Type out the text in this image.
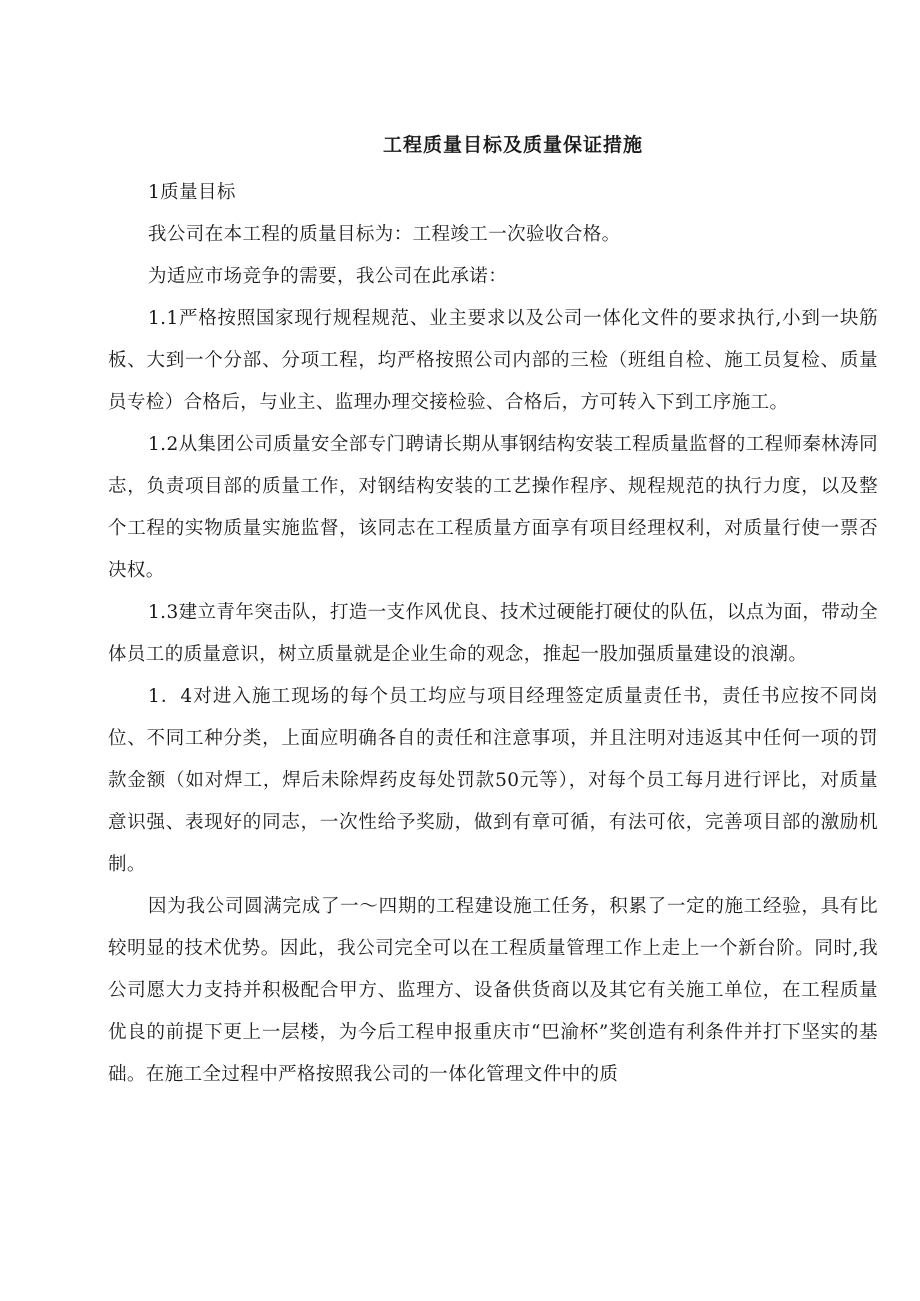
工程质量目标及质量保证措施

1质量目标

我公司在本工程的质量目标为：工程竣工一次验收合格。

为适应市场竞争的需要，我公司在此承诺：

1.1严格按照国家现行规程规范、业主要求以及公司一体化文件的要求执行,小到一块筋板、大到一个分部、分项工程，均严格按照公司内部的三检（班组自检、施工员复检、质量员专检）合格后，与业主、监理办理交接检验、合格后，方可转入下到工序施工。

1.2从集团公司质量安全部专门聘请长期从事钢结构安装工程质量监督的工程师秦林涛同志，负责项目部的质量工作，对钢结构安装的工艺操作程序、规程规范的执行力度，以及整个工程的实物质量实施监督，该同志在工程质量方面享有项目经理权利，对质量行使一票否决权。

1.3建立青年突击队，打造一支作风优良、技术过硬能打硬仗的队伍，以点为面，带动全体员工的质量意识，树立质量就是企业生命的观念，推起一股加强质量建设的浪潮。

1．4对进入施工现场的每个员工均应与项目经理签定质量责任书，责任书应按不同岗位、不同工种分类，上面应明确各自的责任和注意事项，并且注明对违返其中任何一项的罚款金额（如对焊工，焊后未除焊药皮每处罚款50元等），对每个员工每月进行评比，对质量意识强、表现好的同志，一次性给予奖励，做到有章可循，有法可依，完善项目部的激励机制。

因为我公司圆满完成了一～四期的工程建设施工任务，积累了一定的施工经验，具有比较明显的技术优势。因此，我公司完全可以在工程质量管理工作上走上一个新台阶。同时,我公司愿大力支持并积极配合甲方、监理方、设备供货商以及其它有关施工单位，在工程质量优良的前提下更上一层楼，为今后工程申报重庆市“巴渝杯”奖创造有利条件并打下坚实的基础。在施工全过程中严格按照我公司的一体化管理文件中的质
